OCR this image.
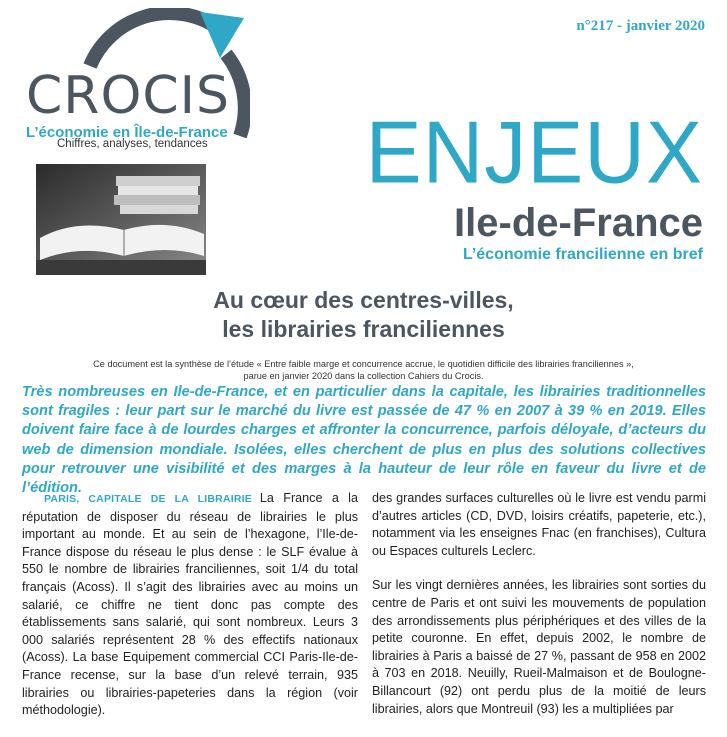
n°217 - janvier 2020
CROCIS
L’économie en Île-de-France
Chiffres, analyses, tendances ENJEUX
Ile-de-France
L’économie francilienne en bref
Au cœur des centres-villes,
les librairies franciliennes
Ce document est la synthèse de l’étude « Entre faible marge et concurrence accrue, le quotidien difficile des librairies franciliennes »,
parue en janvier 2020 dans la collection Cahiers du Crocis.
Très nombreuses en Ile-de-France, et en particulier dans la capitale, les librairies traditionnelles sont fragiles : leur part sur le marché du livre est passée de 47 % en 2007 à 39 % en 2019. Elles doivent faire face à de lourdes charges et affronter la concurrence, parfois déloyale, d’acteurs du web de dimension mondiale. Isolées, elles cherchent de plus en plus des solutions collectives pour retrouver une visibilité et des marges à la hauteur de leur rôle en faveur du livre et de l’édition.

PARIS, CAPITALE DE LA LIBRAIRIE La France a la réputation de disposer du réseau de librairies le plus important au monde. Et au sein de l’hexagone, l’Ile-de-France dispose du réseau le plus dense : le SLF évalue à 550 le nombre de librairies franciliennes, soit 1/4 du total français (Acoss). Il s’agit des librairies avec au moins un salarié, ce chiffre ne tient donc pas compte des établissements sans salarié, qui sont nombreux. Leurs 3 000 salariés représentent 28 % des effectifs nationaux (Acoss). La base Equipement commercial CCI Paris-Ile-de-France recense, sur la base d’un relevé terrain, 935 librairies ou librairies-papeteries dans la région (voir méthodologie).

des grandes surfaces culturelles où le livre est vendu parmi d’autres articles (CD, DVD, loisirs créatifs, papeterie, etc.), notamment via les enseignes Fnac (en franchises), Cultura ou Espaces culturels Leclerc.

Sur les vingt dernières années, les librairies sont sorties du centre de Paris et ont suivi les mouvements de population des arrondissements plus périphériques et des villes de la petite couronne. En effet, depuis 2002, le nombre de librairies à Paris a baissé de 27 %, passant de 958 en 2002 à 703 en 2018. Neuilly, Rueil-Malmaison et de Boulogne-Billancourt (92) ont perdu plus de la moitié de leurs librairies, alors que Montreuil (93) les a multipliées par
